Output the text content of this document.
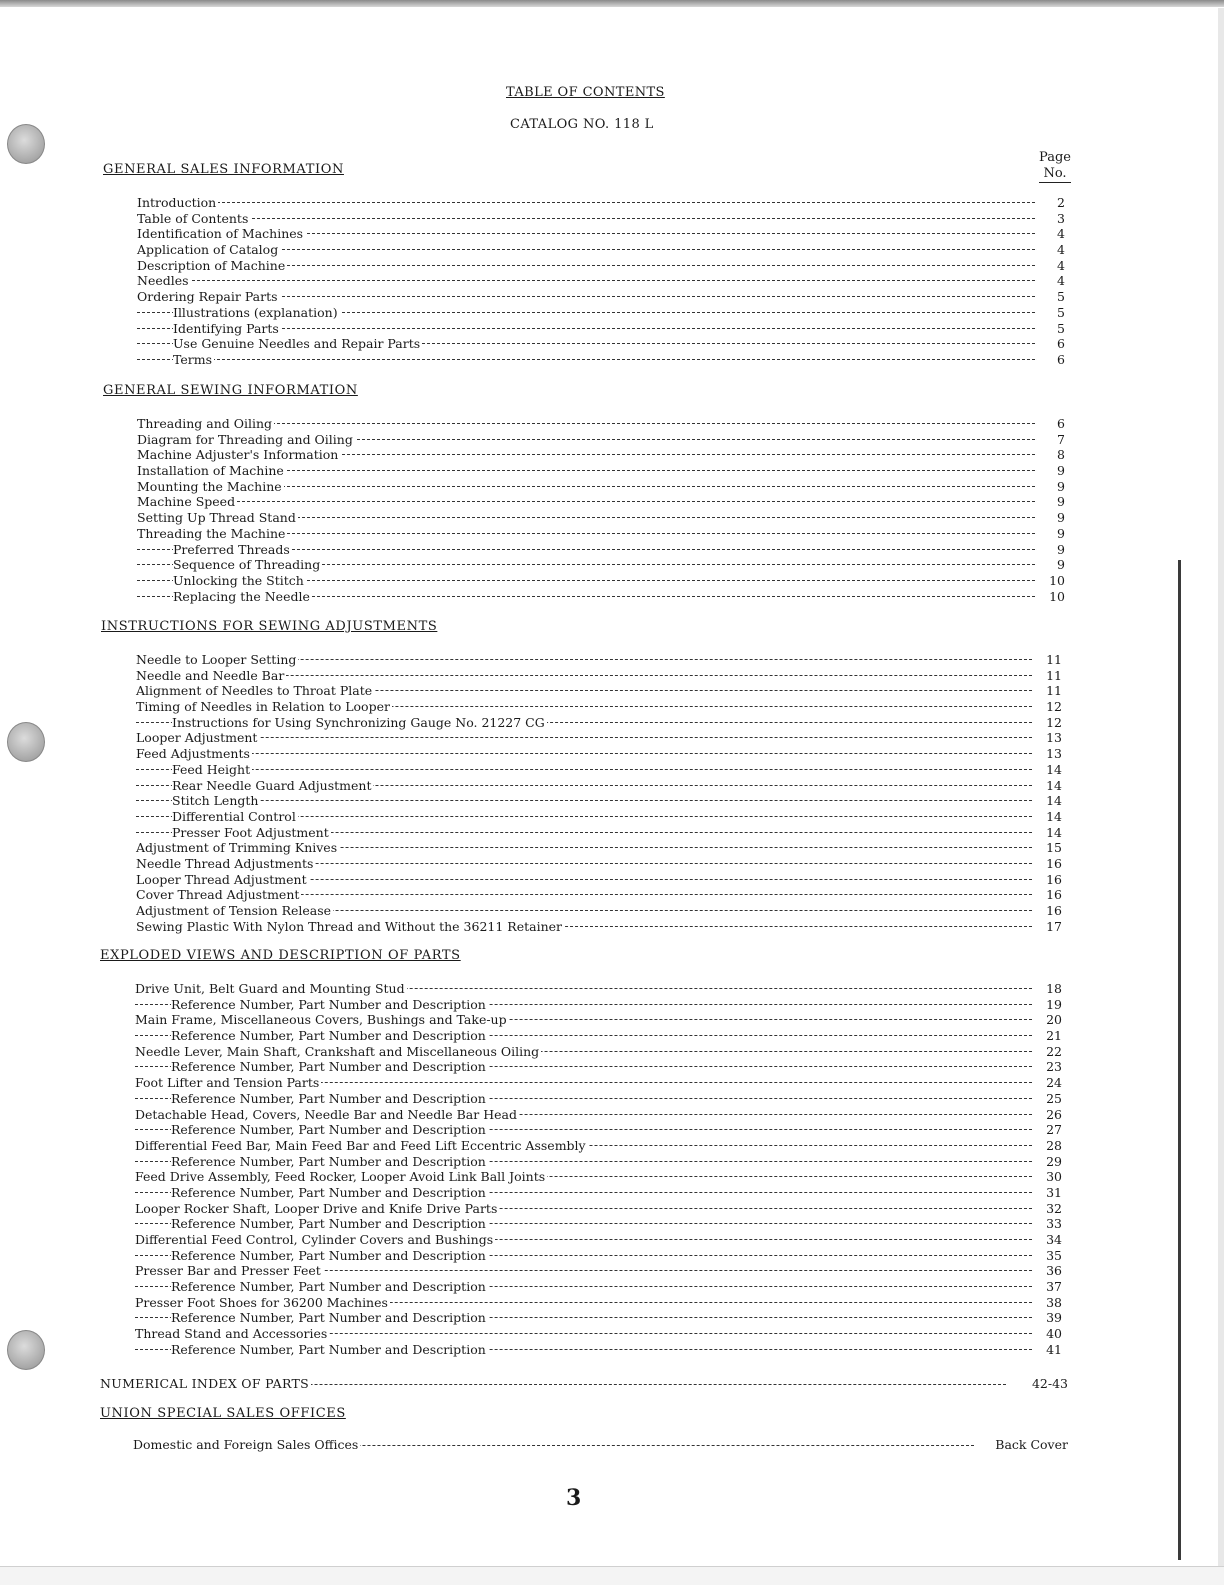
TABLE OF CONTENTS
CATALOG NO. 118 L
Page
No.
GENERAL SALES INFORMATION
GENERAL SEWING INFORMATION
INSTRUCTIONS FOR SEWING ADJUSTMENTS
EXPLODED VIEWS AND DESCRIPTION OF PARTS
Introduction	2
Table of Contents	3
Identification of Machines	4
Application of Catalog	4
Description of Machine	4
Needles	4
Ordering Repair Parts	5
Illustrations (explanation)	5
Identifying Parts	5
Use Genuine Needles and Repair Parts	6
Terms	6
Threading and Oiling	6
Diagram for Threading and Oiling	7
Machine Adjuster's Information	8
Installation of Machine	9
Mounting the Machine	9
Machine Speed	9
Setting Up Thread Stand	9
Threading the Machine	9
Preferred Threads	9
Sequence of Threading	9
Unlocking the Stitch	10
Replacing the Needle	10
Needle to Looper Setting	11
Needle and Needle Bar	11
Alignment of Needles to Throat Plate	11
Timing of Needles in Relation to Looper	12
Instructions for Using Synchronizing Gauge No. 21227 CG	12
Looper Adjustment	13
Feed Adjustments	13
Feed Height	14
Rear Needle Guard Adjustment	14
Stitch Length	14
Differential Control	14
Presser Foot Adjustment	14
Adjustment of Trimming Knives	15
Needle Thread Adjustments	16
Looper Thread Adjustment	16
Cover Thread Adjustment	16
Adjustment of Tension Release	16
Sewing Plastic With Nylon Thread and Without the 36211 Retainer	17
Drive Unit, Belt Guard and Mounting Stud	18
Reference Number, Part Number and Description	19
Main Frame, Miscellaneous Covers, Bushings and Take-up	20
Reference Number, Part Number and Description	21
Needle Lever, Main Shaft, Crankshaft and Miscellaneous Oiling	22
Reference Number, Part Number and Description	23
Foot Lifter and Tension Parts	24
Reference Number, Part Number and Description	25
Detachable Head, Covers, Needle Bar and Needle Bar Head	26
Reference Number, Part Number and Description	27
Differential Feed Bar, Main Feed Bar and Feed Lift Eccentric Assembly	28
Reference Number, Part Number and Description	29
Feed Drive Assembly, Feed Rocker, Looper Avoid Link Ball Joints	30
Reference Number, Part Number and Description	31
Looper Rocker Shaft, Looper Drive and Knife Drive Parts	32
Reference Number, Part Number and Description	33
Differential Feed Control, Cylinder Covers and Bushings	34
Reference Number, Part Number and Description	35
Presser Bar and Presser Feet	36
Reference Number, Part Number and Description	37
Presser Foot Shoes for 36200 Machines	38
Reference Number, Part Number and Description	39
Thread Stand and Accessories	40
Reference Number, Part Number and Description	41
NUMERICAL INDEX OF PARTS	42-43
UNION SPECIAL SALES OFFICES
Domestic and Foreign Sales Offices	Back Cover
3
